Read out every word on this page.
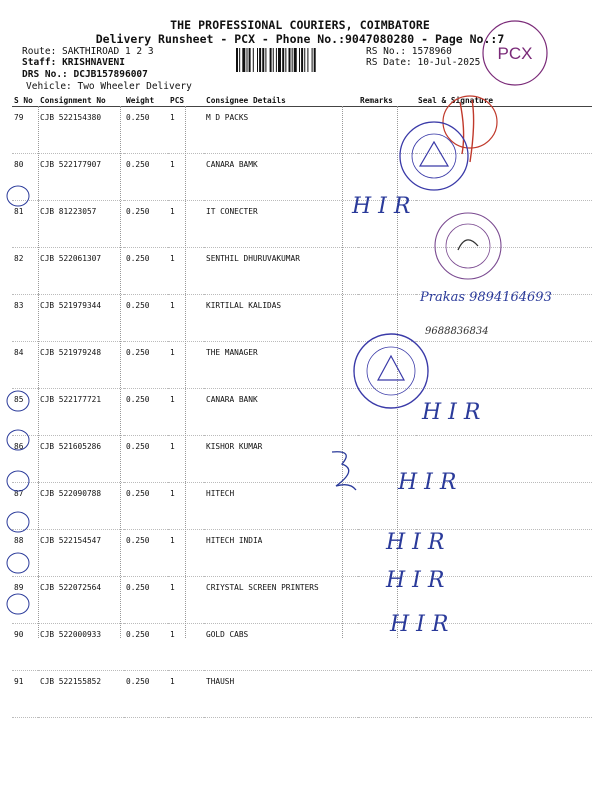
THE PROFESSIONAL COURIERS, COIMBATORE
Delivery Runsheet - PCX - Phone No.:9047080280 - Page No.:7
Route: SAKTHIROAD 1 2 3
Staff: KRISHNAVENI
DRS No.: DCJB157896007
Vehicle: Two Wheeler Delivery
RS No.: 1578960
RS Date: 10-Jul-2025 PCX
S No	Consignment No	Weight	PCS	Consignee Details	Remarks	Seal & Signature
79	CJB 522154380	0.250	1	M D PACKS		
80	CJB 522177907	0.250	1	CANARA BAMK		
81	CJB 81223057	0.250	1	IT CONECTER		
82	CJB 522061307	0.250	1	SENTHIL DHURUVAKUMAR		
83	CJB 521979344	0.250	1	KIRTILAL KALIDAS		
84	CJB 521979248	0.250	1	THE MANAGER		
85	CJB 522177721	0.250	1	CANARA BANK		
86	CJB 521605286	0.250	1	KISHOR KUMAR		
87	CJB 522090788	0.250	1	HITECH		
88	CJB 522154547	0.250	1	HITECH INDIA		
89	CJB 522072564	0.250	1	CRIYSTAL SCREEN PRINTERS		
90	CJB 522000933	0.250	1	GOLD CABS		
91	CJB 522155852	0.250	1	THAUSH		
H I R
Prakas 9894164693
9688836834
H I R
H I R
H I R
H I R
H I R
